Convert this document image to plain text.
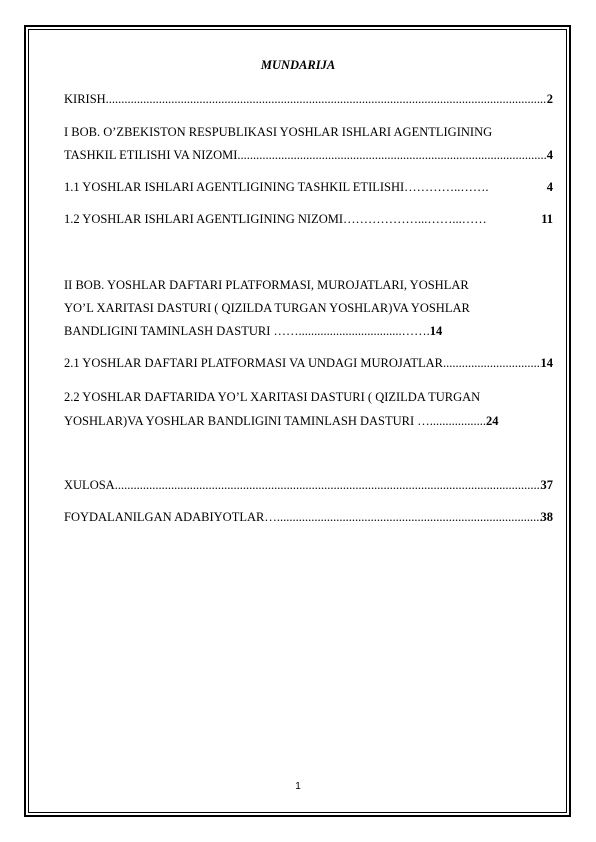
MUNDARIJA
KIRISH .....	2
I BOB. O’ZBEKISTON RESPUBLIKASI YOSHLAR ISHLARI AGENTLIGINING
TASHKIL ETILISHI VA NIZOMI .....	4
1.1 YOSHLAR ISHLARI AGENTLIGINING TASHKIL ETILISHI…………..…….	4
1.2 YOSHLAR ISHLARI AGENTLIGINING NIZOMI………………...……...……	11
II BOB. YOSHLAR DAFTARI PLATFORMASI, MUROJATLARI, YOSHLAR
YO’L XARITASI DASTURI ( QIZILDA TURGAN YOSHLAR)VA YOSHLAR
BANDLIGINI TAMINLASH DASTURI …….................................……. 14
2.1 YOSHLAR DAFTARI PLATFORMASI VA UNDAGI MUROJATLAR .....	14
2.2 YOSHLAR DAFTARIDA YO’L XARITASI DASTURI ( QIZILDA TURGAN
YOSHLAR)VA YOSHLAR BANDLIGINI TAMINLASH DASTURI ….................. 24
XULOSA .....	37
FOYDALANILGAN ADABIYOTLAR… .....	38
1
